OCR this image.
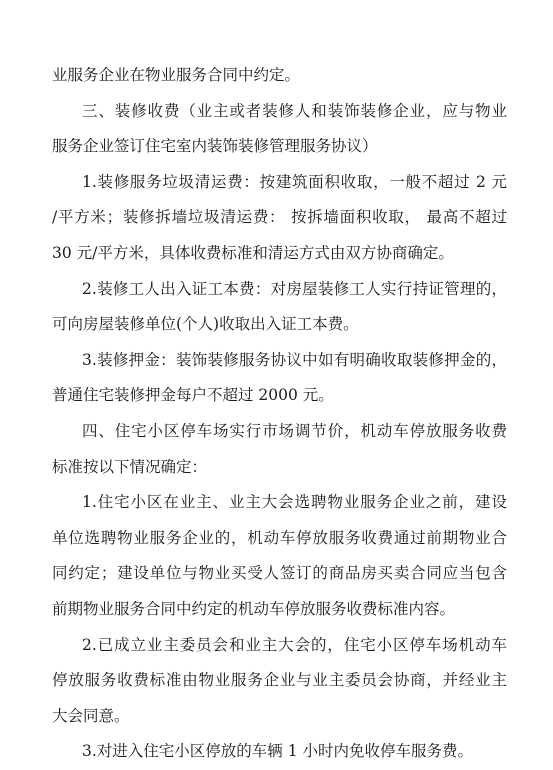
业服务企业在物业服务合同中约定。
三、装修收费（业主或者装修人和装饰装修企业，应与物业
服务企业签订住宅室内装饰装修管理服务协议）
1.装修服务垃圾清运费：按建筑面积收取，一般不超过 2 元
/平方米；装修拆墙垃圾清运费： 按拆墙面积收取， 最高不超过
30 元/平方米，具体收费标准和清运方式由双方协商确定。
2.装修工人出入证工本费：对房屋装修工人实行持证管理的，
可向房屋装修单位(个人)收取出入证工本费。
3.装修押金：装饰装修服务协议中如有明确收取装修押金的，
普通住宅装修押金每户不超过 2000 元。
四、住宅小区停车场实行市场调节价，机动车停放服务收费
标准按以下情况确定：
1.住宅小区在业主、业主大会选聘物业服务企业之前，建设
单位选聘物业服务企业的，机动车停放服务收费通过前期物业合
同约定；建设单位与物业买受人签订的商品房买卖合同应当包含
前期物业服务合同中约定的机动车停放服务收费标准内容。
2.已成立业主委员会和业主大会的，住宅小区停车场机动车
停放服务收费标准由物业服务企业与业主委员会协商，并经业主
大会同意。
3.对进入住宅小区停放的车辆 1 小时内免收停车服务费。
